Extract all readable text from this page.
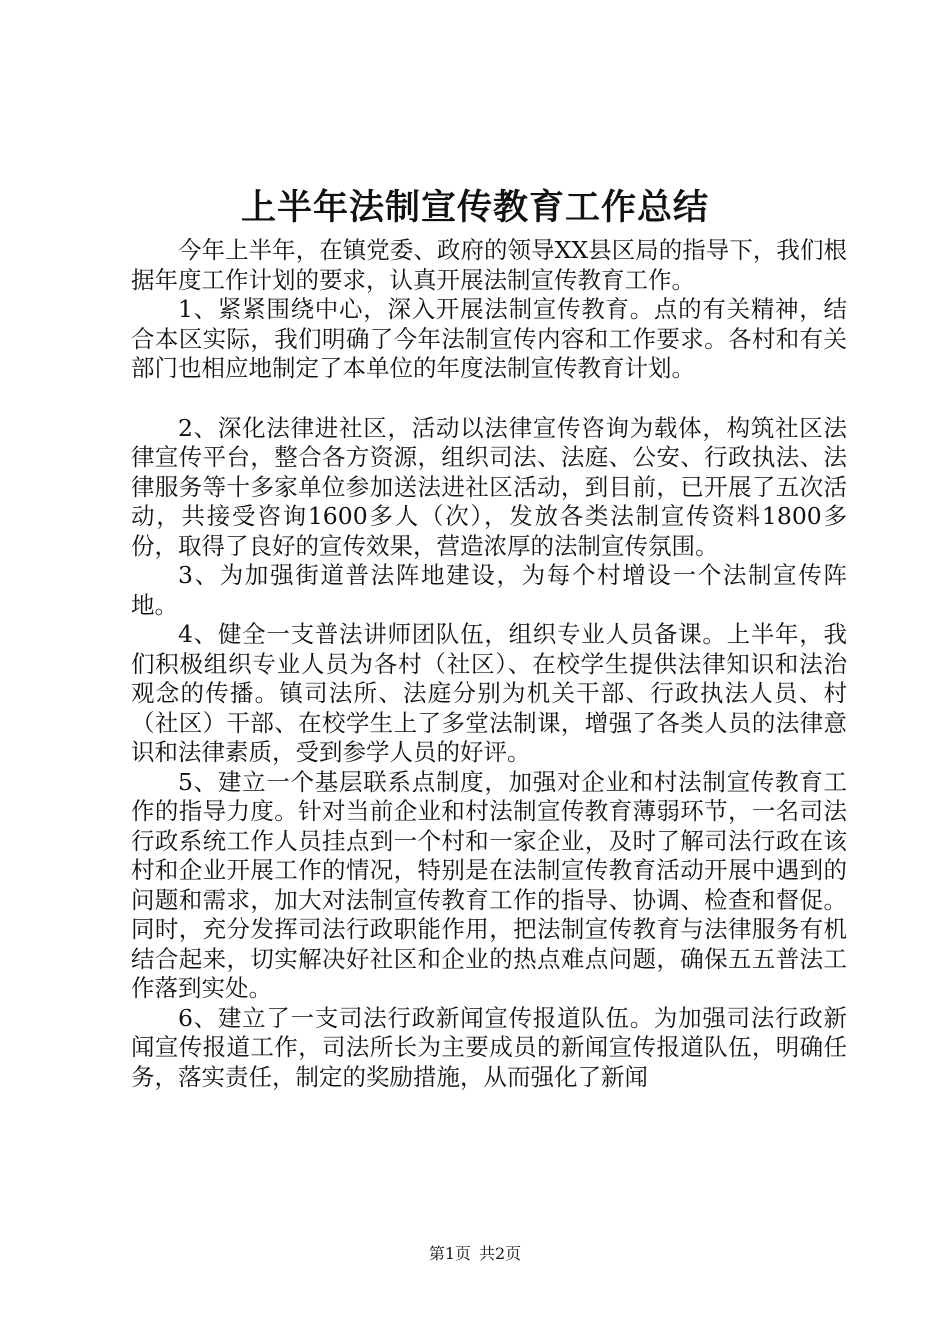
上半年法制宣传教育工作总结

今年上半年，在镇党委、政府的领导XX县区局的指导下，我们根据年度工作计划的要求，认真开展法制宣传教育工作。

1、紧紧围绕中心，深入开展法制宣传教育。点的有关精神，结合本区实际，我们明确了今年法制宣传内容和工作要求。各村和有关部门也相应地制定了本单位的年度法制宣传教育计划。

2、深化法律进社区，活动以法律宣传咨询为载体，构筑社区法律宣传平台，整合各方资源，组织司法、法庭、公安、行政执法、法律服务等十多家单位参加送法进社区活动，到目前，已开展了五次活动，共接受咨询1600多人（次），发放各类法制宣传资料1800多份，取得了良好的宣传效果，营造浓厚的法制宣传氛围。

3、为加强街道普法阵地建设，为每个村增设一个法制宣传阵地。

4、健全一支普法讲师团队伍，组织专业人员备课。上半年，我们积极组织专业人员为各村（社区）、在校学生提供法律知识和法治观念的传播。镇司法所、法庭分别为机关干部、行政执法人员、村（社区）干部、在校学生上了多堂法制课，增强了各类人员的法律意识和法律素质，受到参学人员的好评。

5、建立一个基层联系点制度，加强对企业和村法制宣传教育工作的指导力度。针对当前企业和村法制宣传教育薄弱环节，一名司法行政系统工作人员挂点到一个村和一家企业，及时了解司法行政在该村和企业开展工作的情况，特别是在法制宣传教育活动开展中遇到的问题和需求，加大对法制宣传教育工作的指导、协调、检查和督促。同时，充分发挥司法行政职能作用，把法制宣传教育与法律服务有机结合起来，切实解决好社区和企业的热点难点问题，确保五五普法工作落到实处。

6、建立了一支司法行政新闻宣传报道队伍。为加强司法行政新闻宣传报道工作，司法所长为主要成员的新闻宣传报道队伍，明确任务，落实责任，制定的奖励措施，从而强化了新闻

第1页 共2页
